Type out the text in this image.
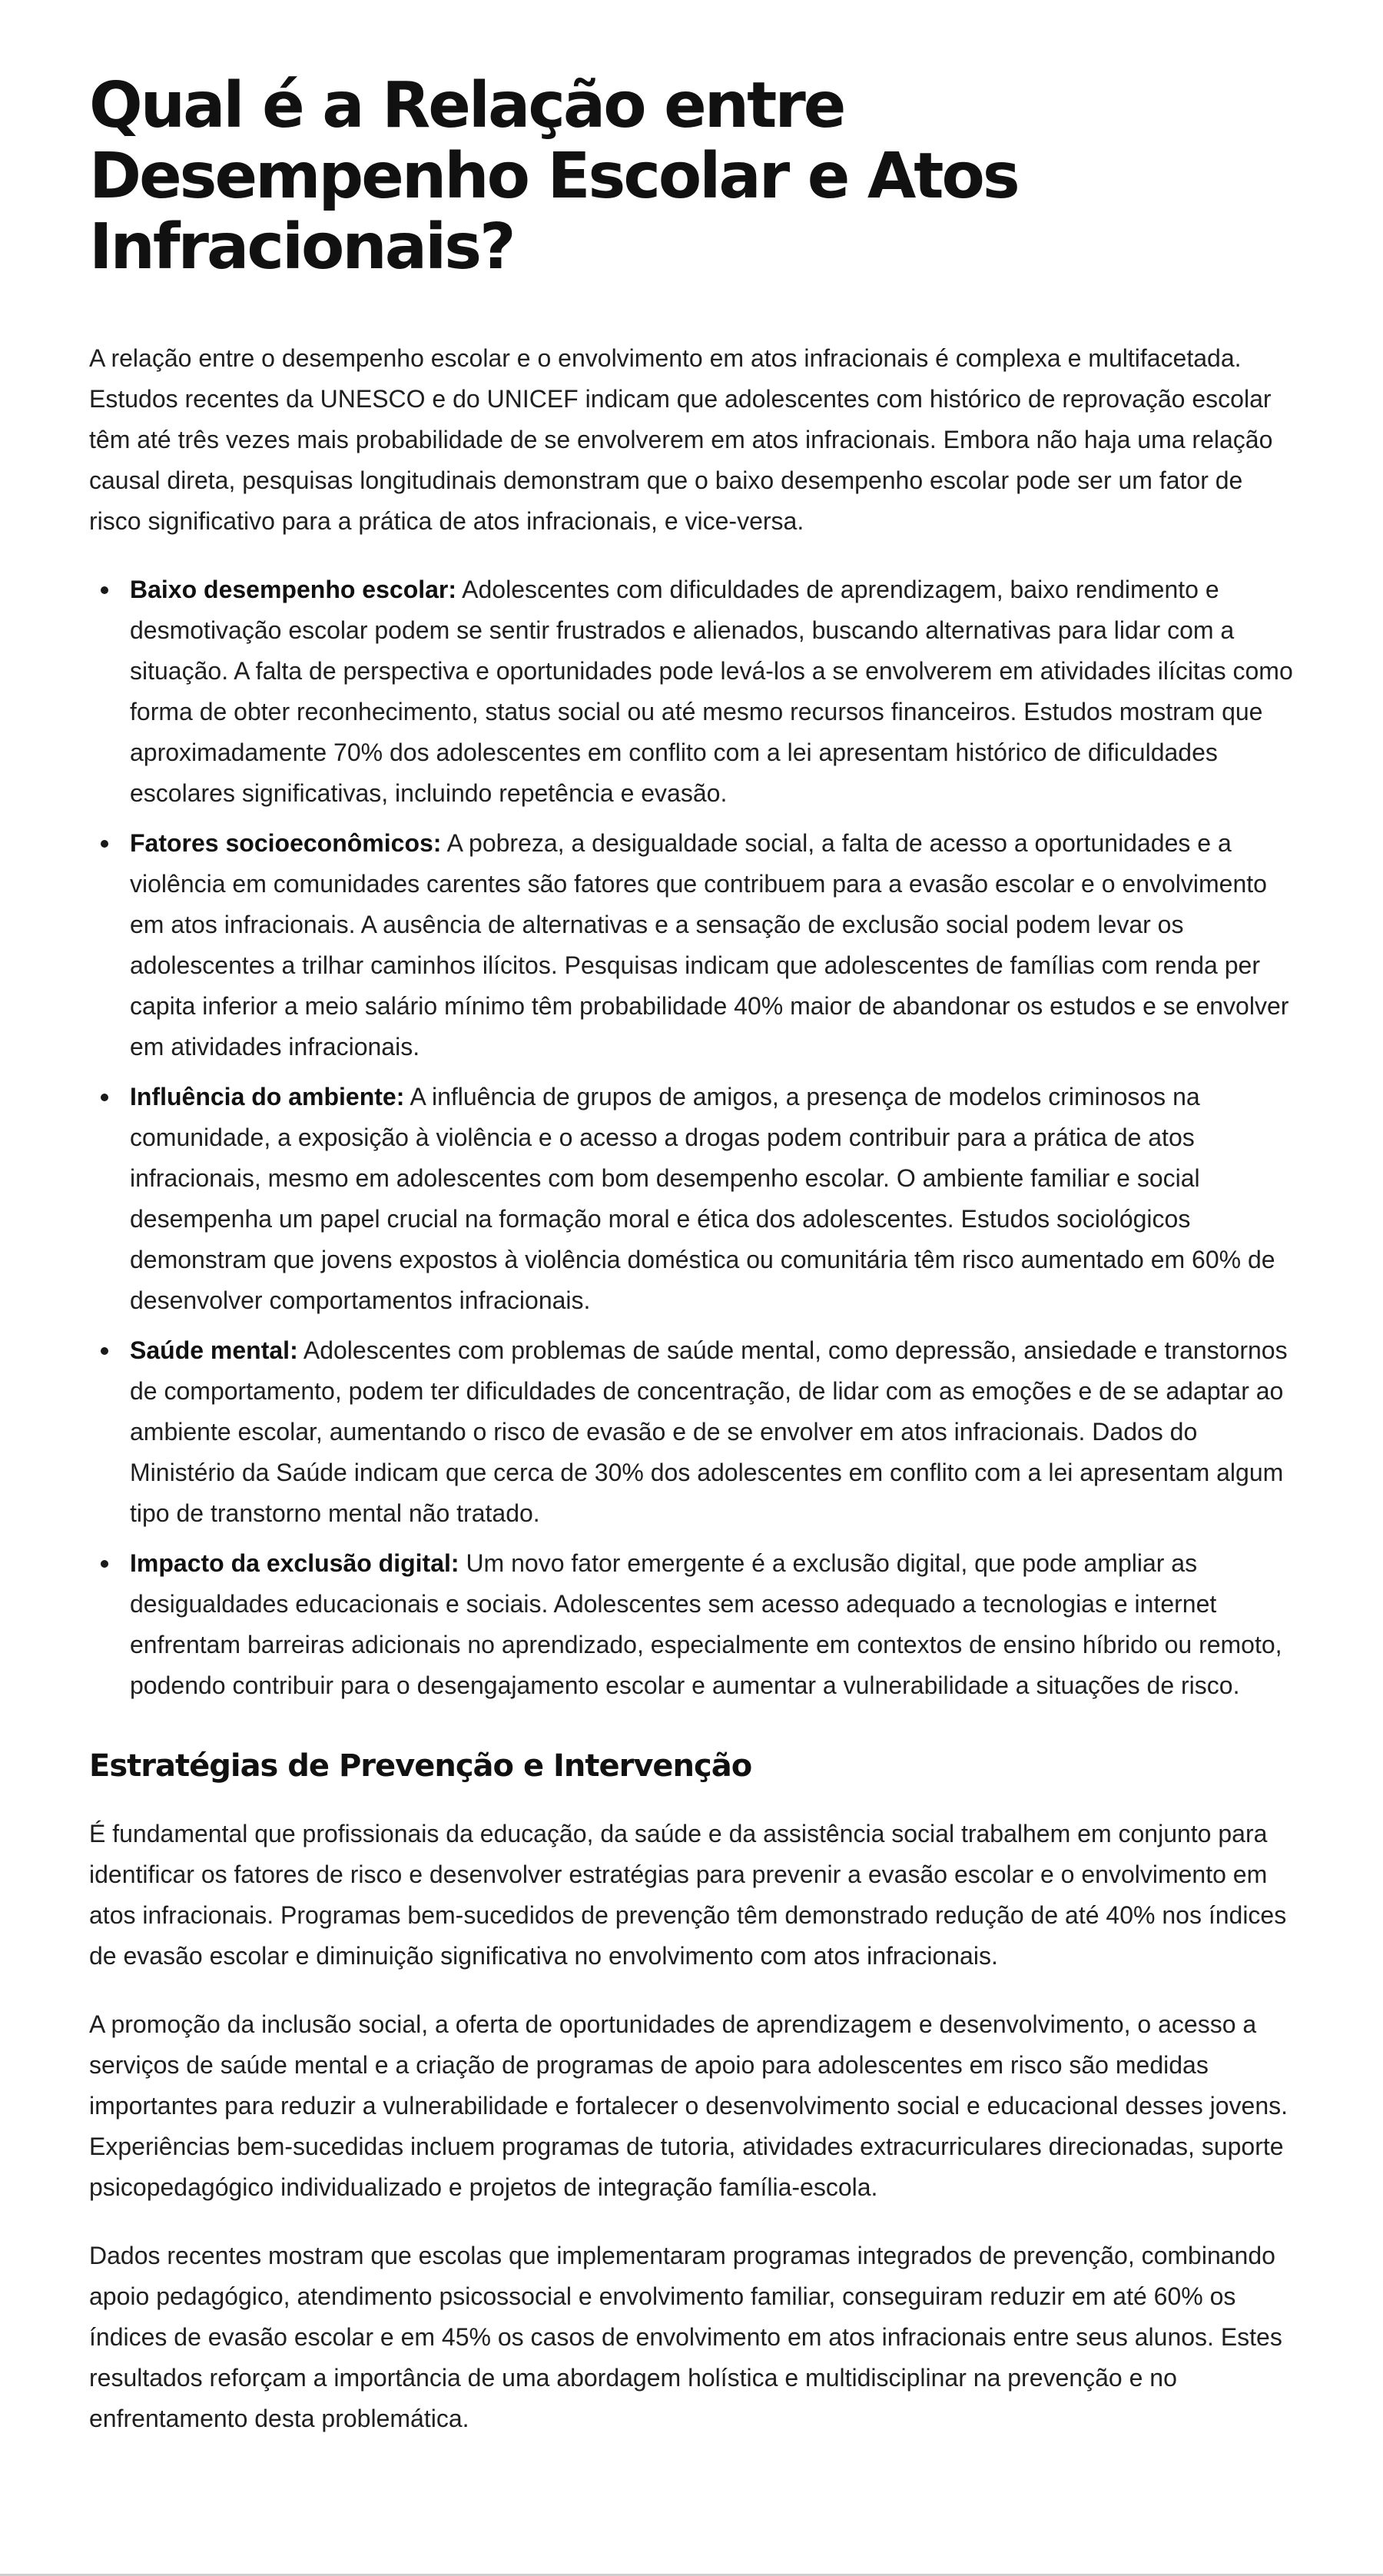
Qual é a Relação entre Desempenho Escolar e Atos Infracionais?

A relação entre o desempenho escolar e o envolvimento em atos infracionais é complexa e multifacetada. Estudos recentes da UNESCO e do UNICEF indicam que adolescentes com histórico de reprovação escolar têm até três vezes mais probabilidade de se envolverem em atos infracionais. Embora não haja uma relação causal direta, pesquisas longitudinais demonstram que o baixo desempenho escolar pode ser um fator de risco significativo para a prática de atos infracionais, e vice-versa.

Baixo desempenho escolar: Adolescentes com dificuldades de aprendizagem, baixo rendimento e desmotivação escolar podem se sentir frustrados e alienados, buscando alternativas para lidar com a situação. A falta de perspectiva e oportunidades pode levá-los a se envolverem em atividades ilícitas como forma de obter reconhecimento, status social ou até mesmo recursos financeiros. Estudos mostram que aproximadamente 70% dos adolescentes em conflito com a lei apresentam histórico de dificuldades escolares significativas, incluindo repetência e evasão.
Fatores socioeconômicos: A pobreza, a desigualdade social, a falta de acesso a oportunidades e a violência em comunidades carentes são fatores que contribuem para a evasão escolar e o envolvimento em atos infracionais. A ausência de alternativas e a sensação de exclusão social podem levar os adolescentes a trilhar caminhos ilícitos. Pesquisas indicam que adolescentes de famílias com renda per capita inferior a meio salário mínimo têm probabilidade 40% maior de abandonar os estudos e se envolver em atividades infracionais.
Influência do ambiente: A influência de grupos de amigos, a presença de modelos criminosos na comunidade, a exposição à violência e o acesso a drogas podem contribuir para a prática de atos infracionais, mesmo em adolescentes com bom desempenho escolar. O ambiente familiar e social desempenha um papel crucial na formação moral e ética dos adolescentes. Estudos sociológicos demonstram que jovens expostos à violência doméstica ou comunitária têm risco aumentado em 60% de desenvolver comportamentos infracionais.
Saúde mental: Adolescentes com problemas de saúde mental, como depressão, ansiedade e transtornos de comportamento, podem ter dificuldades de concentração, de lidar com as emoções e de se adaptar ao ambiente escolar, aumentando o risco de evasão e de se envolver em atos infracionais. Dados do Ministério da Saúde indicam que cerca de 30% dos adolescentes em conflito com a lei apresentam algum tipo de transtorno mental não tratado.
Impacto da exclusão digital: Um novo fator emergente é a exclusão digital, que pode ampliar as desigualdades educacionais e sociais. Adolescentes sem acesso adequado a tecnologias e internet enfrentam barreiras adicionais no aprendizado, especialmente em contextos de ensino híbrido ou remoto, podendo contribuir para o desengajamento escolar e aumentar a vulnerabilidade a situações de risco.
Estratégias de Prevenção e Intervenção

É fundamental que profissionais da educação, da saúde e da assistência social trabalhem em conjunto para identificar os fatores de risco e desenvolver estratégias para prevenir a evasão escolar e o envolvimento em atos infracionais. Programas bem-sucedidos de prevenção têm demonstrado redução de até 40% nos índices de evasão escolar e diminuição significativa no envolvimento com atos infracionais.

A promoção da inclusão social, a oferta de oportunidades de aprendizagem e desenvolvimento, o acesso a serviços de saúde mental e a criação de programas de apoio para adolescentes em risco são medidas importantes para reduzir a vulnerabilidade e fortalecer o desenvolvimento social e educacional desses jovens. Experiências bem-sucedidas incluem programas de tutoria, atividades extracurriculares direcionadas, suporte psicopedagógico individualizado e projetos de integração família-escola.

Dados recentes mostram que escolas que implementaram programas integrados de prevenção, combinando apoio pedagógico, atendimento psicossocial e envolvimento familiar, conseguiram reduzir em até 60% os índices de evasão escolar e em 45% os casos de envolvimento em atos infracionais entre seus alunos. Estes resultados reforçam a importância de uma abordagem holística e multidisciplinar na prevenção e no enfrentamento desta problemática.
